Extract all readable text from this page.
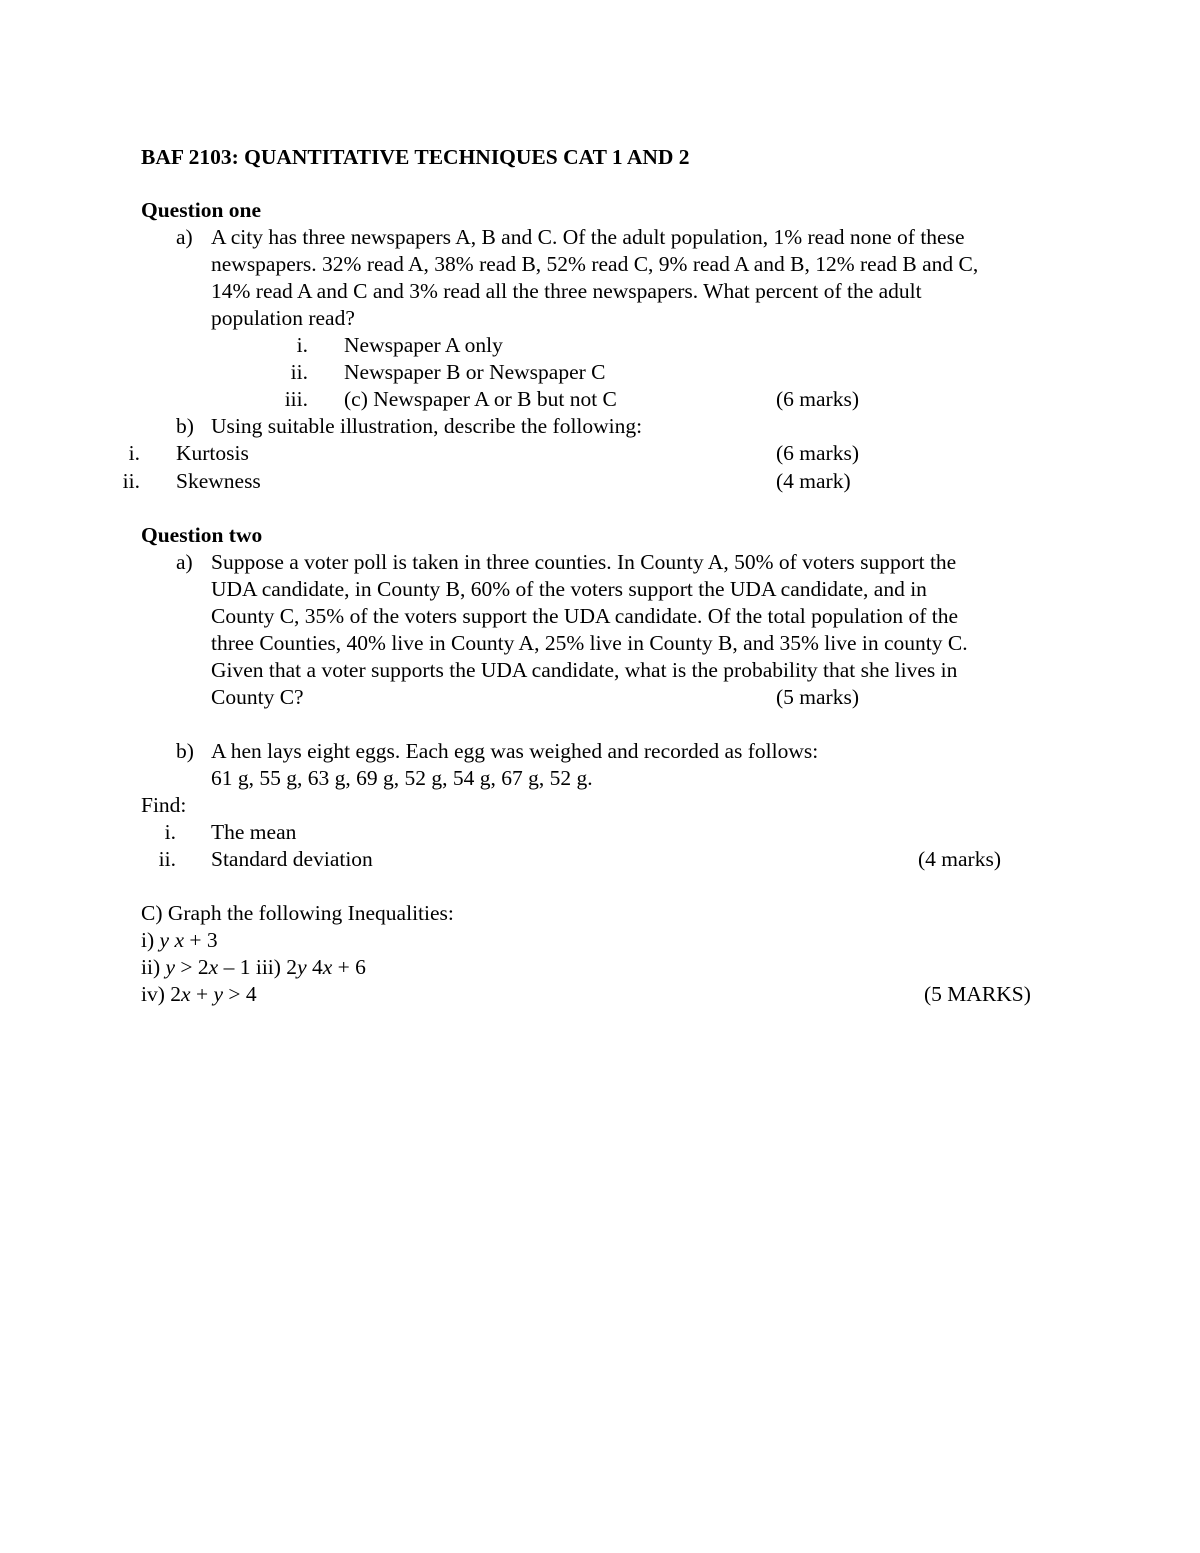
BAF 2103: QUANTITATIVE TECHNIQUES CAT 1 AND 2
Question one
a) A city has three newspapers A, B and C. Of the adult population, 1% read none of these
newspapers. 32% read A, 38% read B, 52% read C, 9% read A and B, 12% read B and C,
14% read A and C and 3% read all the three newspapers. What percent of the adult
population read?
i. Newspaper A only
ii. Newspaper B or Newspaper C
iii. (c) Newspaper A or B but not C	(6 marks)
b) Using suitable illustration, describe the following:
i. Kurtosis	(6 marks)
ii. Skewness	(4 mark)
Question two
a) Suppose a voter poll is taken in three counties. In County A, 50% of voters support the
UDA candidate, in County B, 60% of the voters support the UDA candidate, and in
County C, 35% of the voters support the UDA candidate. Of the total population of the
three Counties, 40% live in County A, 25% live in County B, and 35% live in county C.
Given that a voter supports the UDA candidate, what is the probability that she lives in
County C?	(5 marks)
b) A hen lays eight eggs. Each egg was weighed and recorded as follows:
61 g, 55 g, 63 g, 69 g, 52 g, 54 g, 67 g, 52 g.
Find:
i. The mean
ii. Standard deviation	(4 marks)
C) Graph the following Inequalities:
i) y x + 3
ii) y > 2x – 1 iii) 2y 4x + 6
iv) 2x + y > 4	(5 MARKS)
